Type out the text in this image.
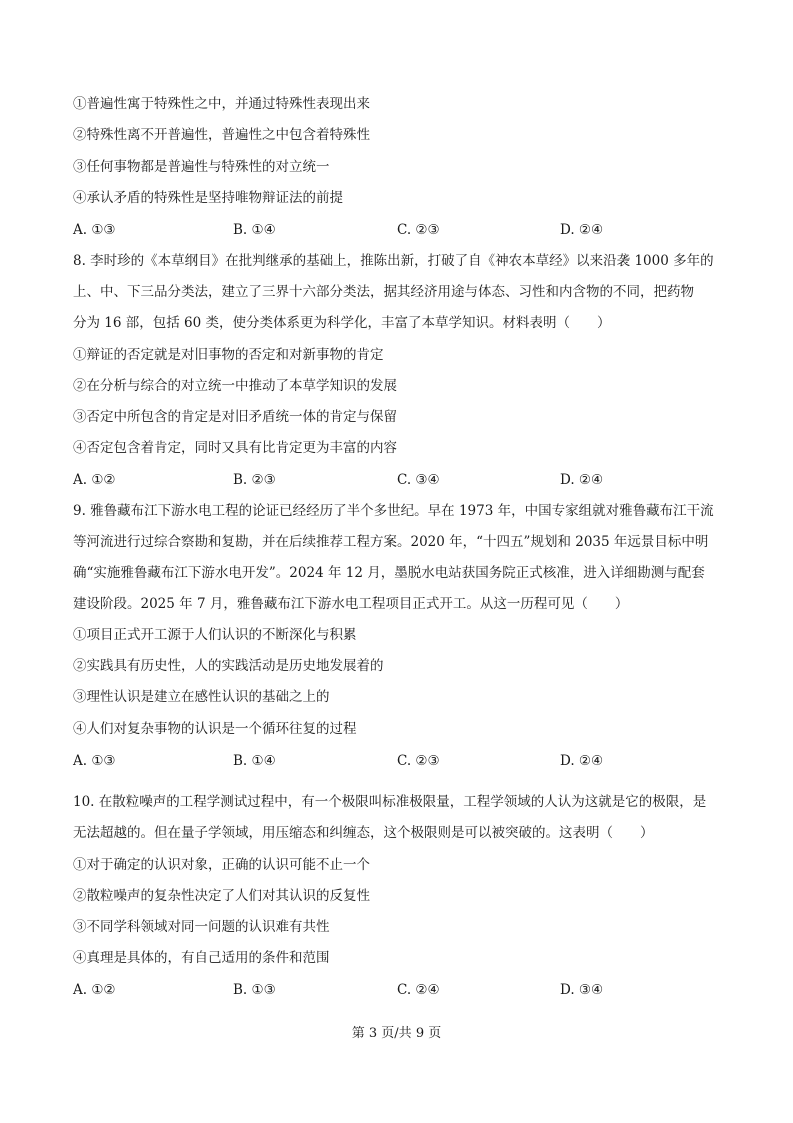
①普遍性寓于特殊性之中，并通过特殊性表现出来
②特殊性离不开普遍性，普遍性之中包含着特殊性
③任何事物都是普遍性与特殊性的对立统一
④承认矛盾的特殊性是坚持唯物辩证法的前提
A. ①③	B. ①④	C. ②③	D. ②④
8. 李时珍的《本草纲目》在批判继承的基础上，推陈出新，打破了自《神农本草经》以来沿袭 1000 多年的
上、中、下三品分类法，建立了三界十六部分类法，据其经济用途与体态、习性和内含物的不同，把药物
分为 16 部，包括 60 类，使分类体系更为科学化，丰富了本草学知识。材料表明（　　）
①辩证的否定就是对旧事物的否定和对新事物的肯定
②在分析与综合的对立统一中推动了本草学知识的发展
③否定中所包含的肯定是对旧矛盾统一体的肯定与保留
④否定包含着肯定，同时又具有比肯定更为丰富的内容
A. ①②	B. ②③	C. ③④	D. ②④
9. 雅鲁藏布江下游水电工程的论证已经经历了半个多世纪。早在 1973 年，中国专家组就对雅鲁藏布江干流
等河流进行过综合察勘和复勘，并在后续推荐工程方案。2020 年，“十四五”规划和 2035 年远景目标中明
确“实施雅鲁藏布江下游水电开发”。2024 年 12 月，墨脱水电站获国务院正式核准，进入详细勘测与配套
建设阶段。2025 年 7 月，雅鲁藏布江下游水电工程项目正式开工。从这一历程可见（　　）
①项目正式开工源于人们认识的不断深化与积累
②实践具有历史性，人的实践活动是历史地发展着的
③理性认识是建立在感性认识的基础之上的
④人们对复杂事物的认识是一个循环往复的过程
A. ①③	B. ①④	C. ②③	D. ②④
10. 在散粒噪声的工程学测试过程中，有一个极限叫标准极限量，工程学领域的人认为这就是它的极限，是
无法超越的。但在量子学领域，用压缩态和纠缠态，这个极限则是可以被突破的。这表明（　　）
①对于确定的认识对象，正确的认识可能不止一个
②散粒噪声的复杂性决定了人们对其认识的反复性
③不同学科领域对同一问题的认识难有共性
④真理是具体的，有自己适用的条件和范围
A. ①②	B. ①③	C. ②④	D. ③④
第 3 页/共 9 页
